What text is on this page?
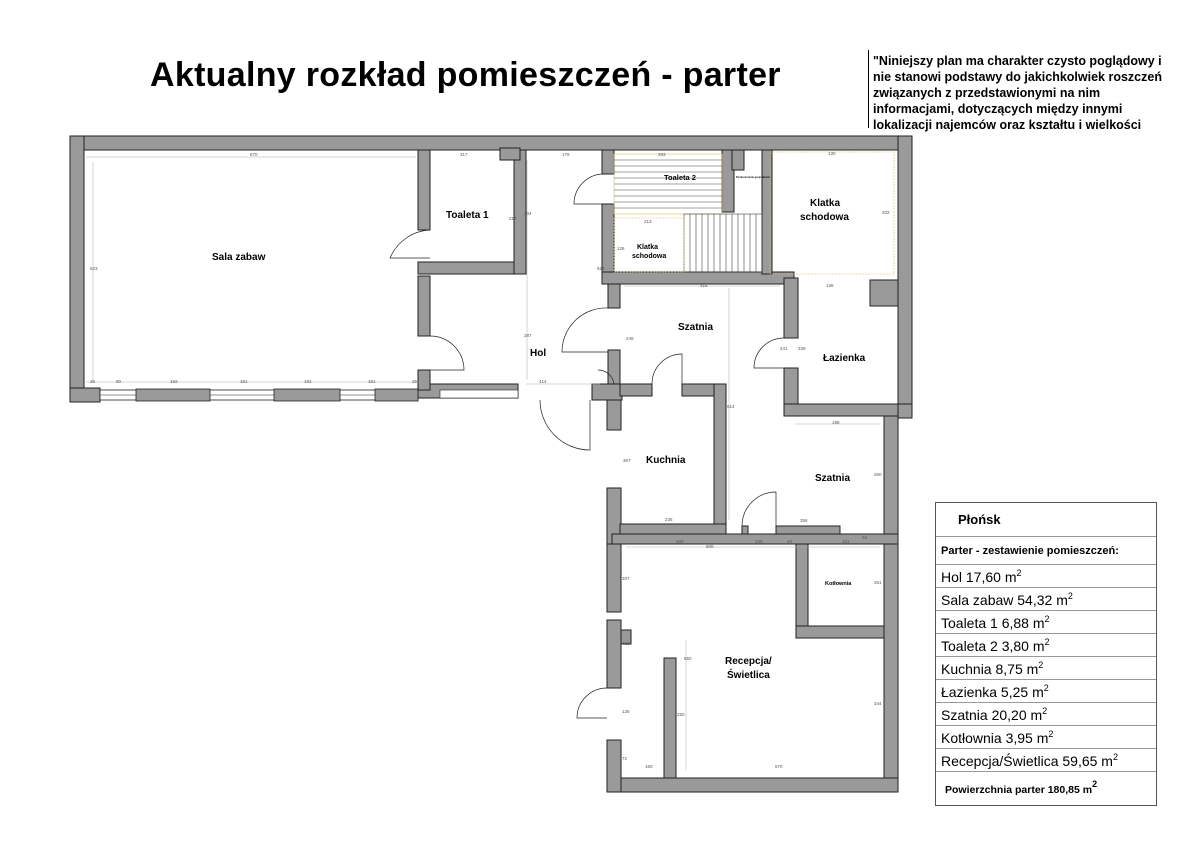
Aktualny rozkład pomieszczeń - parter	"Niniejszy plan ma charakter czysto poglądowy i nie stanowi podstawy do jakichkolwiek roszczeń związanych z przedstawionymi na nim informacjami, dotyczących między innymi lokalizacji najemców oraz kształtu i wielkości
Sala zabaw
Toaleta 1
Toaleta 2	Pomieszczenie gospodarcze
Klatka
schodowa
Klatka
schodowa
Hol
Szatnia
Łazienka
Kuchnia
Szatnia
Kotłownia
Recepcja/
Świetlica
670	317	179	283	130
623
217
304
623
213
126
202
416	138
245
241 339
287
414
26	90	192	161	192	161	26
614
367
198
260
235	356
400
600
100	40	151
261
207
400
850
126
250
344
72
160	670
33
Płońsk
Parter - zestawienie pomieszczeń:
Hol 17,60 $m^2$
Sala zabaw 54,32 $m^2$
Toaleta 1 6,88 $m^2$
Toaleta 2 3,80 $m^2$
Kuchnia 8,75 $m^2$
Łazienka 5,25 $m^2$
Szatnia 20,20 $m^2$
Kotłownia 3,95 $m^2$
Recepcja/Świetlica 59,65 $m^2$
Powierzchnia parter 180,85 $m^2$
